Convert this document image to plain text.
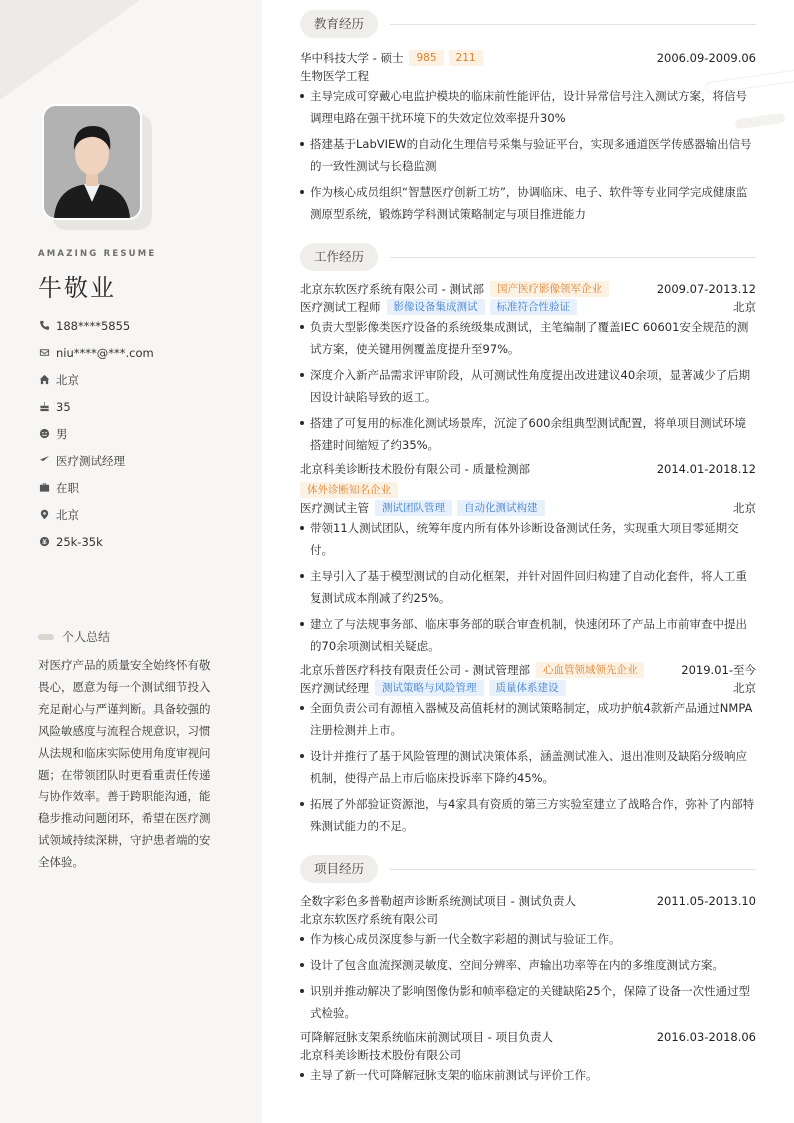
AMAZING RESUME
牛敬业
188****5855
niu****@***.com
北京
35
男
医疗测试经理
在职
北京
25k-35k
个人总结
对医疗产品的质量安全始终怀有敬畏心，愿意为每一个测试细节投入充足耐心与严谨判断。具备较强的风险敏感度与流程合规意识，习惯从法规和临床实际使用角度审视问题；在带领团队时更看重责任传递与协作效率。善于跨职能沟通，能稳步推动问题闭环，希望在医疗测试领域持续深耕，守护患者端的安全体验。
教育经历
华中科技大学 - 硕士	985	211	2006.09-2009.06
生物医学工程
主导完成可穿戴心电监护模块的临床前性能评估，设计异常信号注入测试方案，将信号调理电路在强干扰环境下的失效定位效率提升30%
搭建基于LabVIEW的自动化生理信号采集与验证平台，实现多通道医学传感器输出信号的一致性测试与长稳监测
作为核心成员组织“智慧医疗创新工坊”，协调临床、电子、软件等专业同学完成健康监测原型系统，锻炼跨学科测试策略制定与项目推进能力
工作经历
北京东软医疗系统有限公司 - 测试部	国产医疗影像领军企业	2009.07-2013.12
医疗测试工程师	影像设备集成测试	标准符合性验证	北京
负责大型影像类医疗设备的系统级集成测试，主笔编制了覆盖IEC 60601安全规范的测试方案，使关键用例覆盖度提升至97%。
深度介入新产品需求评审阶段，从可测试性角度提出改进建议40余项，显著减少了后期因设计缺陷导致的返工。
搭建了可复用的标准化测试场景库，沉淀了600余组典型测试配置，将单项目测试环境搭建时间缩短了约35%。
北京科美诊断技术股份有限公司 - 质量检测部	2014.01-2018.12
体外诊断知名企业
医疗测试主管	测试团队管理	自动化测试构建	北京
带领11人测试团队，统筹年度内所有体外诊断设备测试任务，实现重大项目零延期交付。
主导引入了基于模型测试的自动化框架，并针对固件回归构建了自动化套件，将人工重复测试成本削减了约25%。
建立了与法规事务部、临床事务部的联合审查机制，快速闭环了产品上市前审查中提出的70余项测试相关疑虑。
北京乐普医疗科技有限责任公司 - 测试管理部	心血管领域领先企业	2019.01-至今
医疗测试经理	测试策略与风险管理	质量体系建设	北京
全面负责公司有源植入器械及高值耗材的测试策略制定，成功护航4款新产品通过NMPA注册检测并上市。
设计并推行了基于风险管理的测试决策体系，涵盖测试准入、退出准则及缺陷分级响应机制，使得产品上市后临床投诉率下降约45%。
拓展了外部验证资源池，与4家具有资质的第三方实验室建立了战略合作，弥补了内部特殊测试能力的不足。
项目经历
全数字彩色多普勒超声诊断系统测试项目 - 测试负责人	2011.05-2013.10
北京东软医疗系统有限公司
作为核心成员深度参与新一代全数字彩超的测试与验证工作。
设计了包含血流探测灵敏度、空间分辨率、声输出功率等在内的多维度测试方案。
识别并推动解决了影响图像伪影和帧率稳定的关键缺陷25个，保障了设备一次性通过型式检验。
可降解冠脉支架系统临床前测试项目 - 项目负责人	2016.03-2018.06
北京科美诊断技术股份有限公司
主导了新一代可降解冠脉支架的临床前测试与评价工作。
